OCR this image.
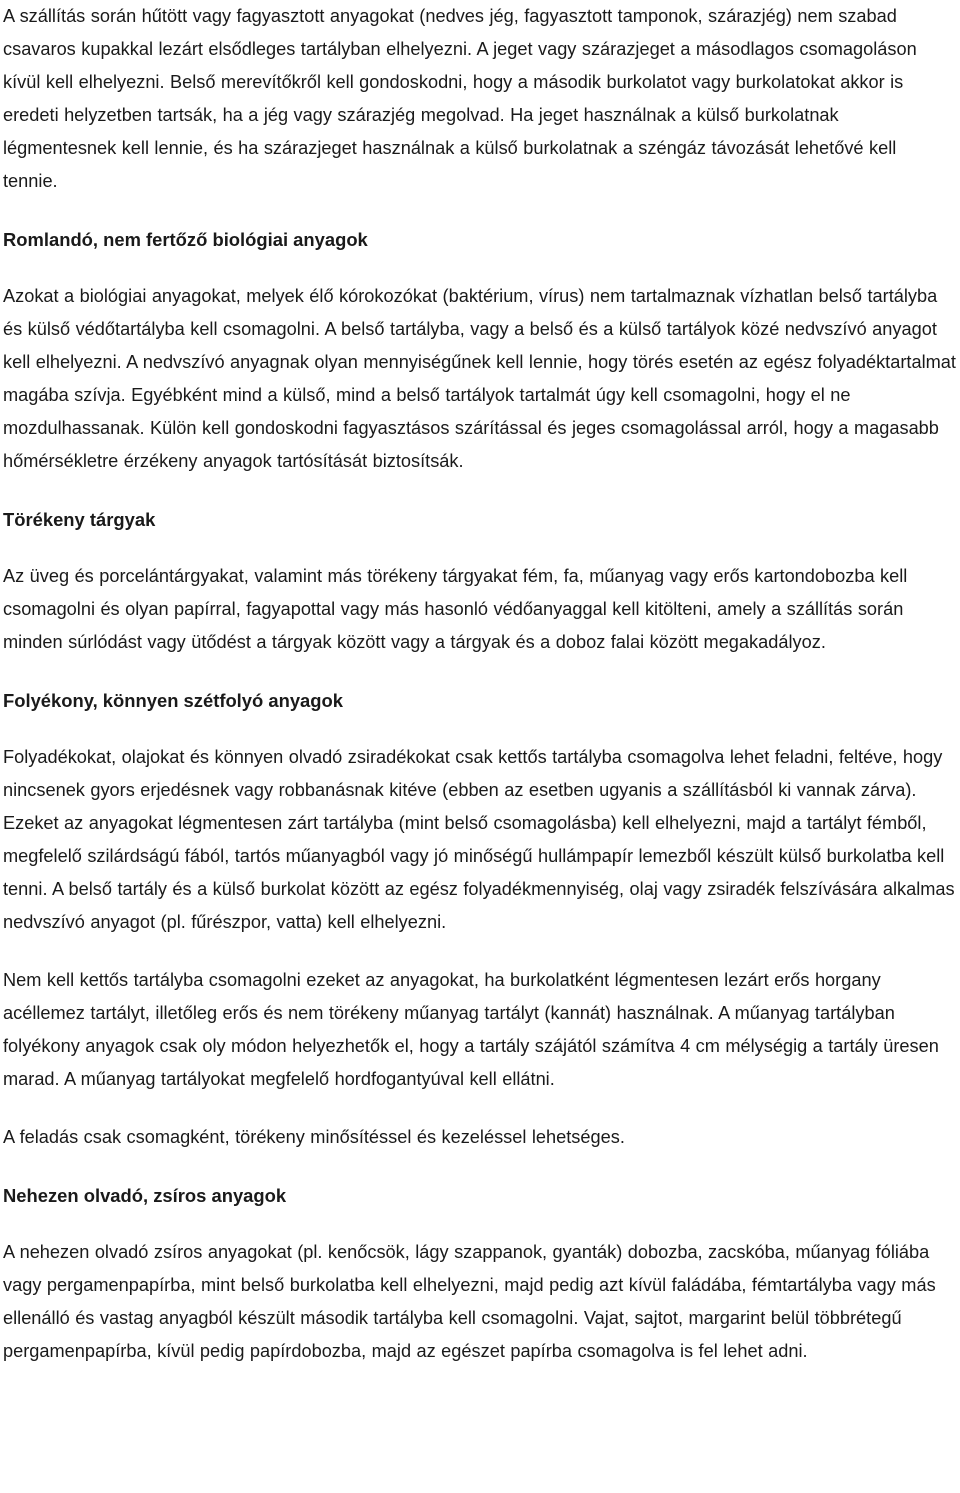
A szállítás során hűtött vagy fagyasztott anyagokat (nedves jég, fagyasztott tamponok, szárazjég) nem szabad csavaros kupakkal lezárt elsődleges tartályban elhelyezni. A jeget vagy szárazjeget a másodlagos csomagoláson kívül kell elhelyezni. Belső merevítőkről kell gondoskodni, hogy a második burkolatot vagy burkolatokat akkor is eredeti helyzetben tartsák, ha a jég vagy szárazjég megolvad. Ha jeget használnak a külső burkolatnak légmentesnek kell lennie, és ha szárazjeget használnak a külső burkolatnak a széngáz távozását lehetővé kell tennie.

Romlandó, nem fertőző biológiai anyagok

Azokat a biológiai anyagokat, melyek élő kórokozókat (baktérium, vírus) nem tartalmaznak vízhatlan belső tartályba és külső védőtartályba kell csomagolni. A belső tartályba, vagy a belső és a külső tartályok közé nedvszívó anyagot kell elhelyezni. A nedvszívó anyagnak olyan mennyiségűnek kell lennie, hogy törés esetén az egész folyadéktartalmat magába szívja. Egyébként mind a külső, mind a belső tartályok tartalmát úgy kell csomagolni, hogy el ne mozdulhassanak. Külön kell gondoskodni fagyasztásos szárítással és jeges csomagolással arról, hogy a magasabb hőmérsékletre érzékeny anyagok tartósítását biztosítsák.

Törékeny tárgyak

Az üveg és porcelántárgyakat, valamint más törékeny tárgyakat fém, fa, műanyag vagy erős kartondobozba kell csomagolni és olyan papírral, fagyapottal vagy más hasonló védőanyaggal kell kitölteni, amely a szállítás során minden súrlódást vagy ütődést a tárgyak között vagy a tárgyak és a doboz falai között megakadályoz.

Folyékony, könnyen szétfolyó anyagok

Folyadékokat, olajokat és könnyen olvadó zsiradékokat csak kettős tartályba csomagolva lehet feladni, feltéve, hogy nincsenek gyors erjedésnek vagy robbanásnak kitéve (ebben az esetben ugyanis a szállításból ki vannak zárva). Ezeket az anyagokat légmentesen zárt tartályba (mint belső csomagolásba) kell elhelyezni, majd a tartályt fémből, megfelelő szilárdságú fából, tartós műanyagból vagy jó minőségű hullámpapír lemezből készült külső burkolatba kell tenni. A belső tartály és a külső burkolat között az egész folyadékmennyiség, olaj vagy zsiradék felszívására alkalmas nedvszívó anyagot (pl. fűrészpor, vatta) kell elhelyezni.

Nem kell kettős tartályba csomagolni ezeket az anyagokat, ha burkolatként légmentesen lezárt erős horgany acéllemez tartályt, illetőleg erős és nem törékeny műanyag tartályt (kannát) használnak. A műanyag tartályban folyékony anyagok csak oly módon helyezhetők el, hogy a tartály szájától számítva 4 cm mélységig a tartály üresen marad. A műanyag tartályokat megfelelő hordfogantyúval kell ellátni.

A feladás csak csomagként, törékeny minősítéssel és kezeléssel lehetséges.

Nehezen olvadó, zsíros anyagok

A nehezen olvadó zsíros anyagokat (pl. kenőcsök, lágy szappanok, gyanták) dobozba, zacskóba, műanyag fóliába vagy pergamenpapírba, mint belső burkolatba kell elhelyezni, majd pedig azt kívül faládába, fémtartályba vagy más ellenálló és vastag anyagból készült második tartályba kell csomagolni. Vajat, sajtot, margarint belül többrétegű pergamenpapírba, kívül pedig papírdobozba, majd az egészet papírba csomagolva is fel lehet adni.
